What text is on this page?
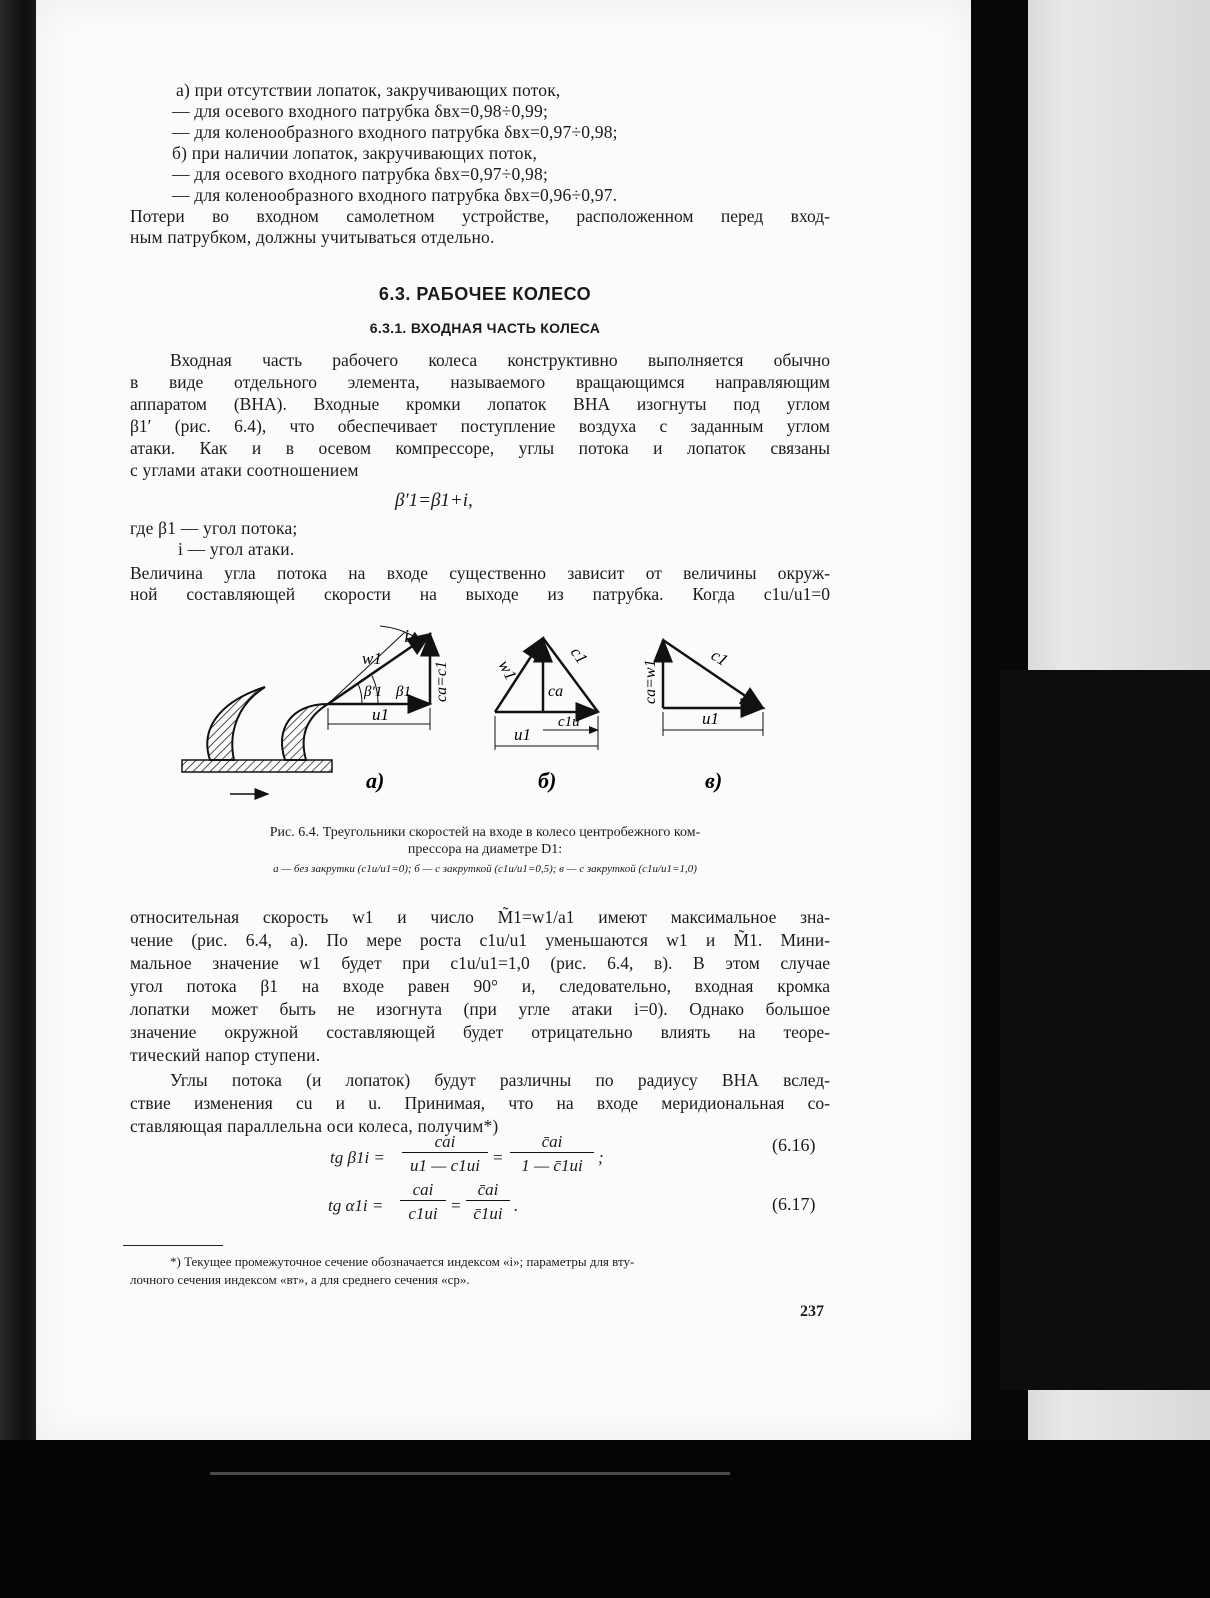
а) при отсутствии лопаток, закручивающих поток,
— для осевого входного патрубка δвх=0,98÷0,99;
— для коленообразного входного патрубка δвх=0,97÷0,98;
б) при наличии лопаток, закручивающих поток,
— для осевого входного патрубка δвх=0,97÷0,98;
— для коленообразного входного патрубка δвх=0,96÷0,97.
Потери во входном самолетном устройстве, расположенном перед вход-
ным патрубком, должны учитываться отдельно.
6.3. РАБОЧЕЕ КОЛЕСО
6.3.1. ВХОДНАЯ ЧАСТЬ КОЛЕСА
Входная часть рабочего колеса конструктивно выполняется обычно
в виде отдельного элемента, называемого вращающимся направляющим
аппаратом (ВНА). Входные кромки лопаток ВНА изогнуты под углом
β1′ (рис. 6.4), что обеспечивает поступление воздуха с заданным углом
атаки. Как и в осевом компрессоре, углы потока и лопаток связаны
с углами атаки соотношением
β′1=β1+i,
где β1 — угол потока;
i — угол атаки.
Величина угла потока на входе существенно зависит от величины окруж-
ной составляющей скорости на выходе из патрубка. Когда c1u/u1=0
i
w1
β′1 β1 ca=c1
u1
а)
w1
c1
ca
c1u
u1
б)
ca=w1
c1
u1
в)
Рис. 6.4. Треугольники скоростей на входе в колесо центробежного ком-
прессора на диаметре D1:
а — без закрутки (c1u/u1=0); б — с закруткой (c1u/u1=0,5); в — с закруткой (c1u/u1=1,0)
относительная скорость w1 и число M̃1=w1/a1 имеют максимальное зна-
чение (рис. 6.4, а). По мере роста c1u/u1 уменьшаются w1 и M̃1. Мини-
мальное значение w1 будет при c1u/u1=1,0 (рис. 6.4, в). В этом случае
угол потока β1 на входе равен 90° и, следовательно, входная кромка
лопатки может быть не изогнута (при угле атаки i=0). Однако большое
значение окружной составляющей будет отрицательно влиять на теоре-
тический напор ступени.
Углы потока (и лопаток) будут различны по радиусу ВНА вслед-
ствие изменения cu и u. Принимая, что на входе меридиональная со-
ставляющая параллельна оси колеса, получим*)
tg β1i =
cai
u1 — c1ui =
c̄ai
1 — c̄1ui ;
(6.16)
tg α1i =
cai
c1ui =
c̄ai
c̄1ui .	(6.17)
*) Текущее промежуточное сечение обозначается индексом «i»; параметры для вту-
лочного сечения индексом «вт», а для среднего сечения «ср».
237
